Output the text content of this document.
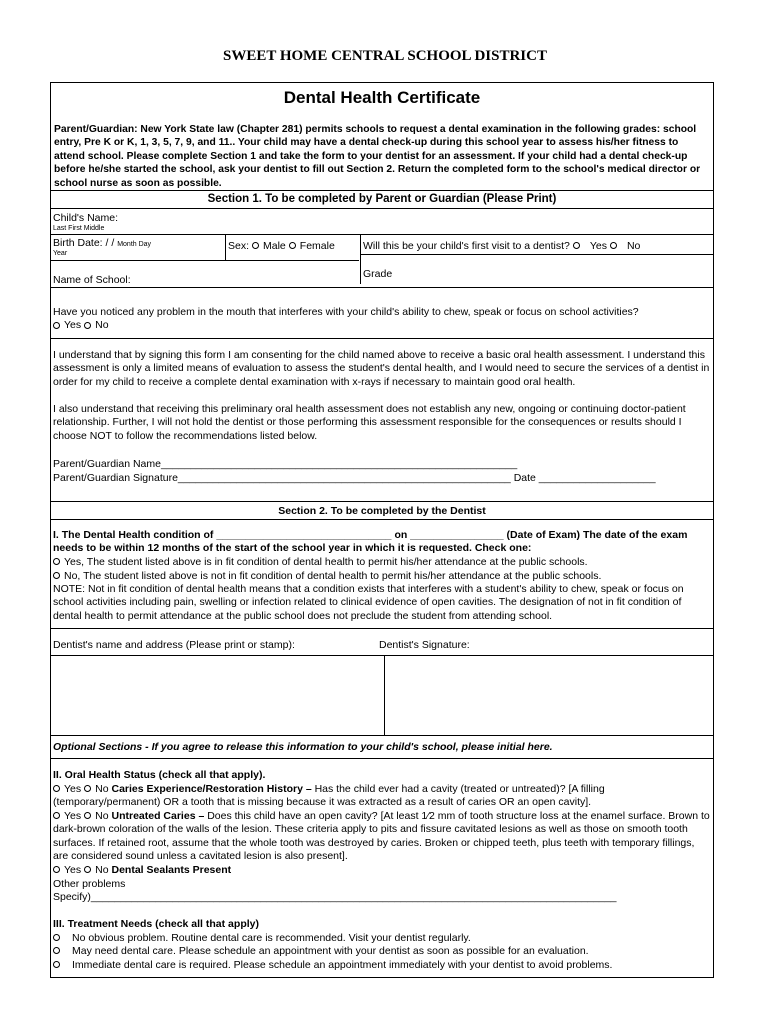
SWEET HOME CENTRAL SCHOOL DISTRICT
Dental Health Certificate
Parent/Guardian: New York State law (Chapter 281) permits schools to request a dental examination in the following grades: school entry, Pre K or K, 1, 3, 5, 7, 9, and 11.. Your child may have a dental check-up during this school year to assess his/her fitness to attend school. Please complete Section 1 and take the form to your dentist for an assessment. If your child had a dental check-up before he/she started the school, ask your dentist to fill out Section 2. Return the completed form to the school's medical director or school nurse as soon as possible.
Section 1. To be completed by Parent or Guardian (Please Print)
Child's Name:
Last First Middle
Birth Date: / / Month Day
Year
Sex: Male Female	Will this be your child's first visit to a dentist? Yes No
Name of School:	Grade
Have you noticed any problem in the mouth that interferes with your child's ability to chew, speak or focus on school activities?
Yes No
I understand that by signing this form I am consenting for the child named above to receive a basic oral health assessment. I understand this assessment is only a limited means of evaluation to assess the student's dental health, and I would need to secure the services of a dentist in order for my child to receive a complete dental examination with x-rays if necessary to maintain good oral health.
I also understand that receiving this preliminary oral health assessment does not establish any new, ongoing or continuing doctor-patient relationship. Further, I will not hold the dentist or those performing this assessment responsible for the consequences or results should I choose NOT to follow the recommendations listed below.
Parent/Guardian Name_____________________________________________________________
Parent/Guardian Signature_________________________________________________________ Date ____________________
Section 2. To be completed by the Dentist
I. The Dental Health condition of ______________________________ on ________________ (Date of Exam) The date of the exam needs to be within 12 months of the start of the school year in which it is requested. Check one:
Yes, The student listed above is in fit condition of dental health to permit his/her attendance at the public schools.
No, The student listed above is not in fit condition of dental health to permit his/her attendance at the public schools.
NOTE: Not in fit condition of dental health means that a condition exists that interferes with a student's ability to chew, speak or focus on school activities including pain, swelling or infection related to clinical evidence of open cavities. The designation of not in fit condition of dental health to permit attendance at the public school does not preclude the student from attending school.
Dentist's name and address (Please print or stamp):	Dentist's Signature:
Optional Sections - If you agree to release this information to your child's school, please initial here.
II. Oral Health Status (check all that apply).
Yes No Caries Experience/Restoration History – Has the child ever had a cavity (treated or untreated)? [A filling (temporary/permanent) OR a tooth that is missing because it was extracted as a result of caries OR an open cavity].
Yes No Untreated Caries – Does this child have an open cavity? [At least 1⁄2 mm of tooth structure loss at the enamel surface. Brown to dark-brown coloration of the walls of the lesion. These criteria apply to pits and fissure cavitated lesions as well as those on smooth tooth surfaces. If retained root, assume that the whole tooth was destroyed by caries. Broken or chipped teeth, plus teeth with temporary fillings, are considered sound unless a cavitated lesion is also present].
Yes No Dental Sealants Present
Other problems
Specify)__________________________________________________________________________________________
III. Treatment Needs (check all that apply)
No obvious problem. Routine dental care is recommended. Visit your dentist regularly.
May need dental care. Please schedule an appointment with your dentist as soon as possible for an evaluation.
Immediate dental care is required. Please schedule an appointment immediately with your dentist to avoid problems.
